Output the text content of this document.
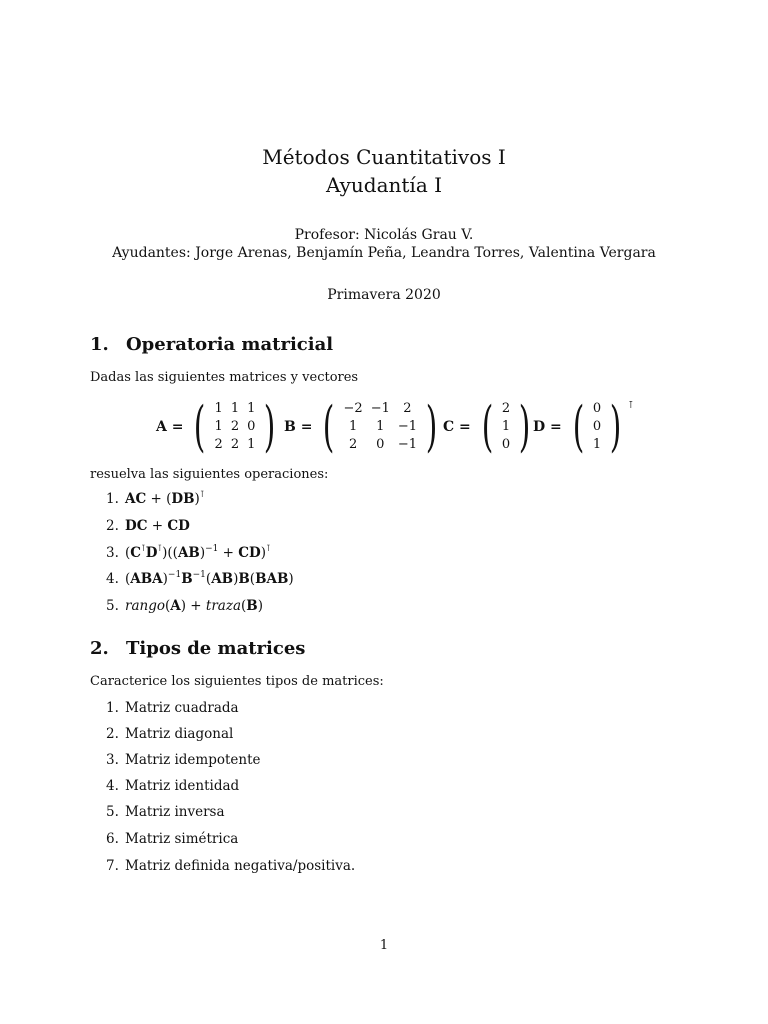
Métodos Cuantitativos I
Ayudantía I
Profesor: Nicolás Grau V.
Ayudantes: Jorge Arenas, Benjamín Peña, Leandra Torres, Valentina Vergara
Primavera 2020
1. Operatoria matricial
Dadas las siguientes matrices y vectores
A = ( 1	1	1
1	2	0
2	2	1 ) B = ( −2	−1	2
1	1	−1
2	0	−1 ) C = ( 2
1
0 ) D = ( 0
0
1 ) ⊺
resuelva las siguientes operaciones:
1. AC + (DB)⊺
2. DC + CD
3. (C⊺D⊺)((AB)$^{-1}$ + CD)⊺
4. $(ABA)^{-1}B^{-1}(AB)B(BAB)$
5. rango(A) + traza(B)
2. Tipos de matrices
Caracterice los siguientes tipos de matrices:
1. Matriz cuadrada
2. Matriz diagonal
3. Matriz idempotente
4. Matriz identidad
5. Matriz inversa
6. Matriz simétrica
7. Matriz definida negativa/positiva.
1
